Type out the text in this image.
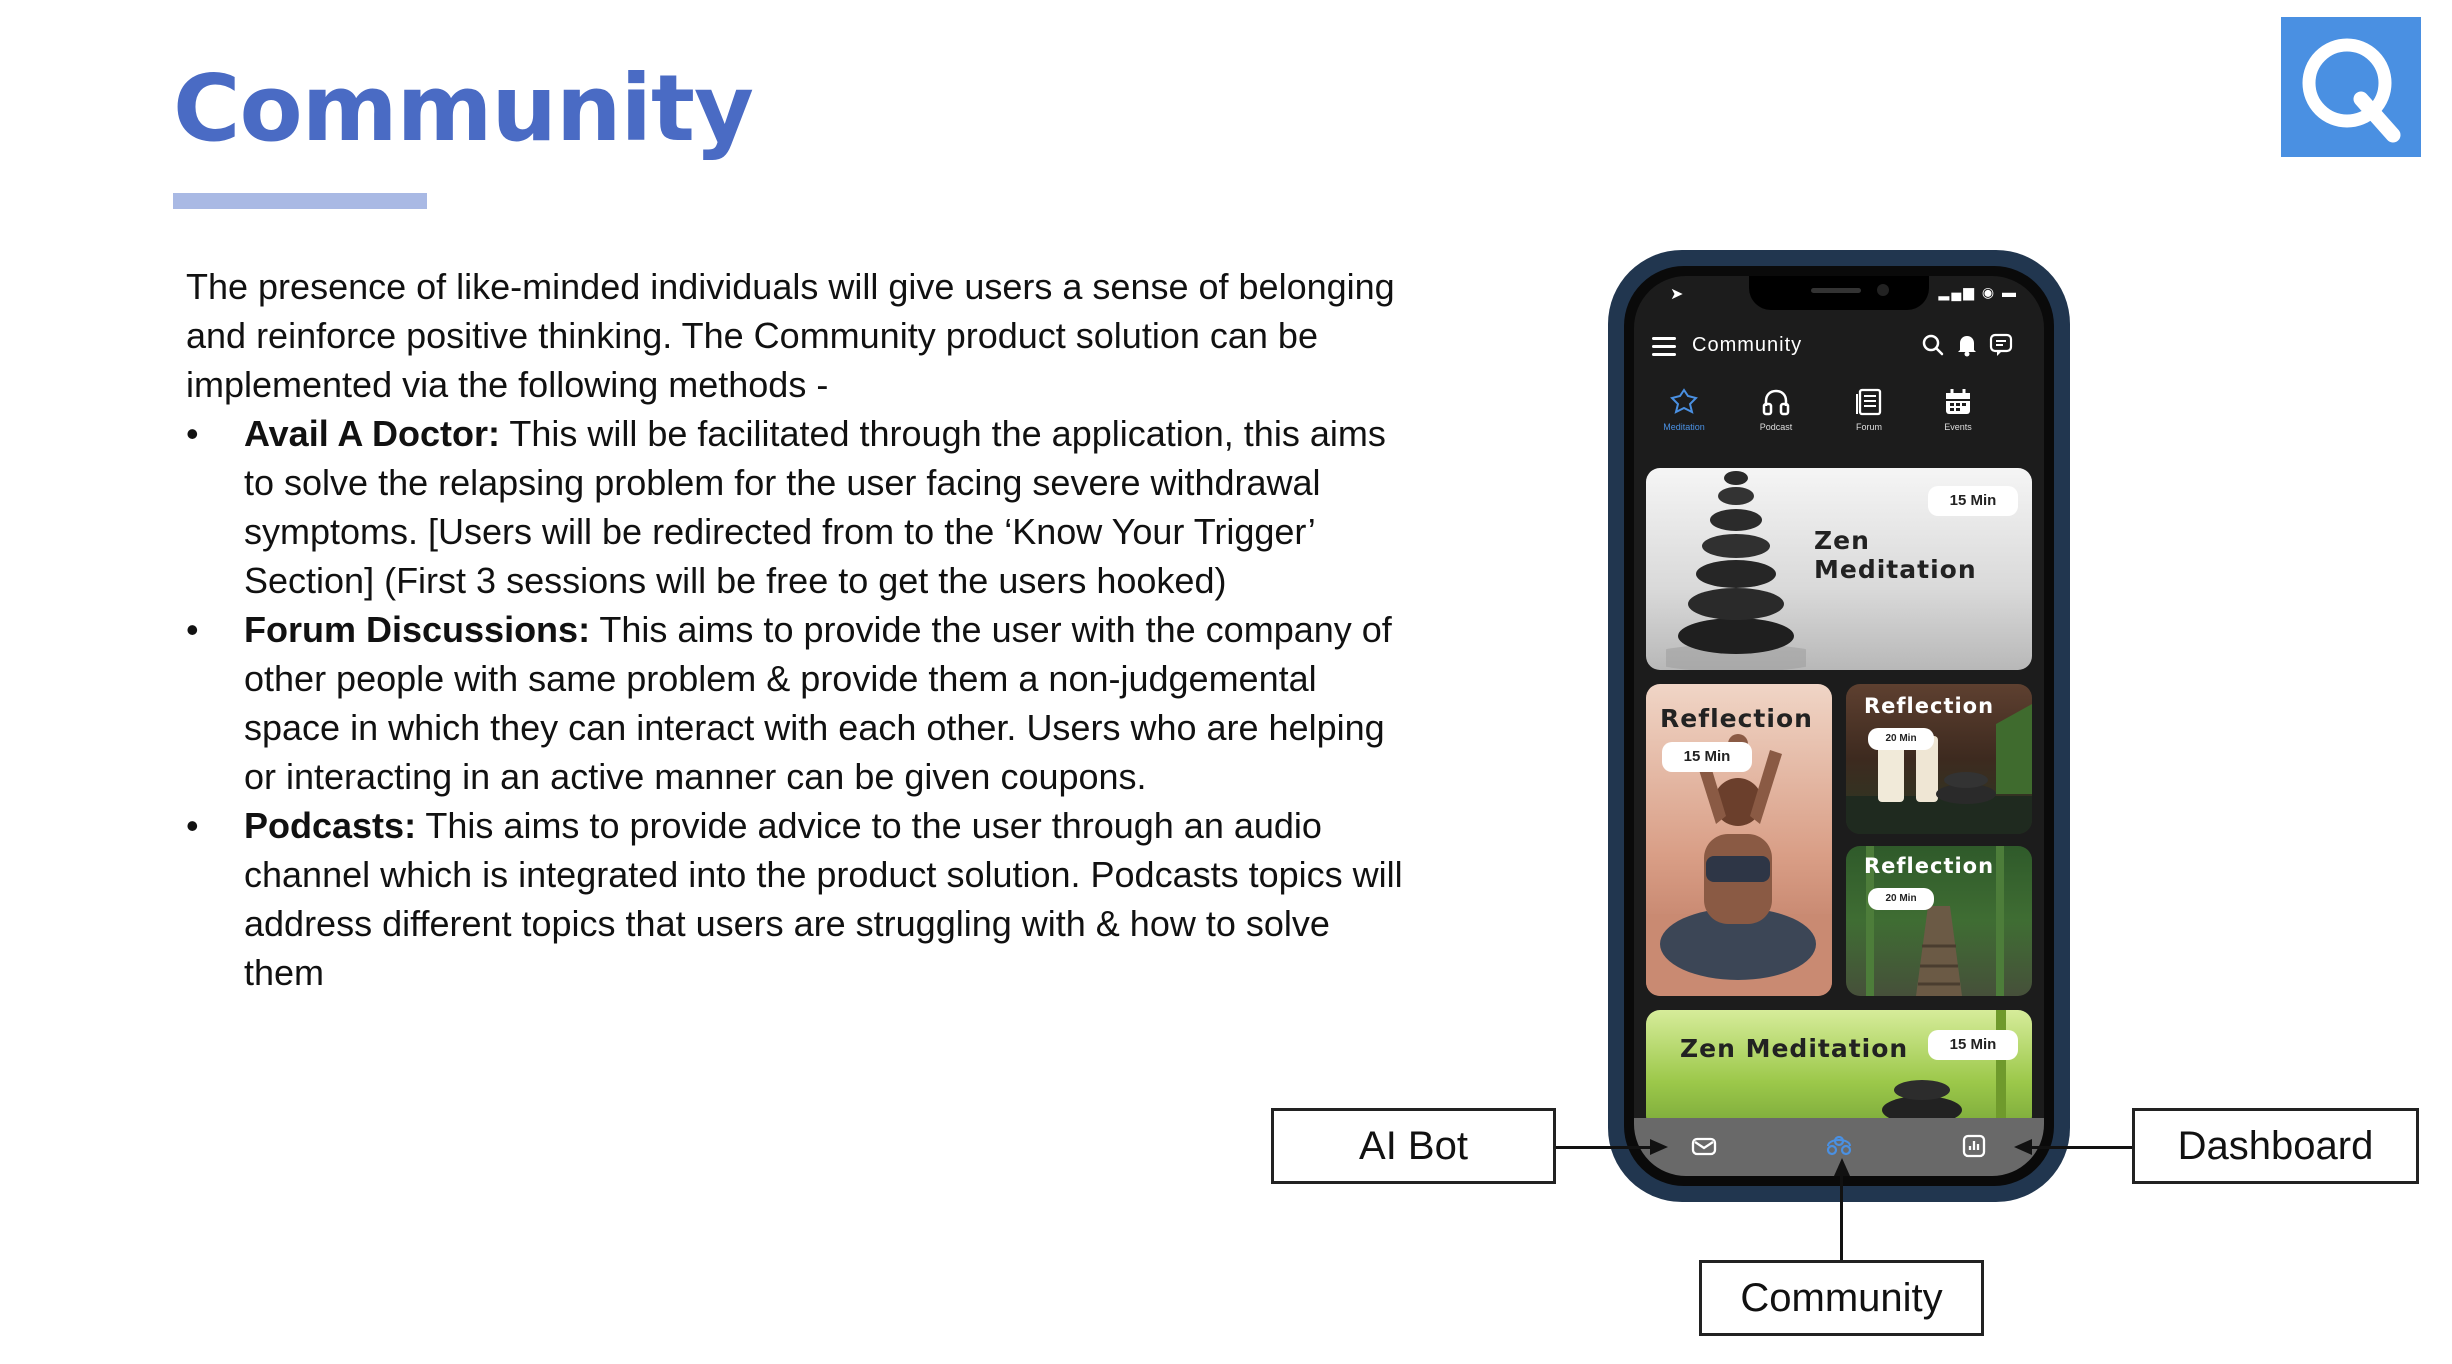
Community

The presence of like-minded individuals will give users a sense of belonging and reinforce positive thinking. The Community product solution can be implemented via the following methods -

• Avail A Doctor: This will be facilitated through the application, this aims to solve the relapsing problem for the user facing severe withdrawal symptoms. [Users will be redirected from to the ‘Know Your Trigger’ Section] (First 3 sessions will be free to get the users hooked)
• Forum Discussions: This aims to provide the user with the company of other people with same problem & provide them a non-judgemental space in which they can interact with each other. Users who are helping or interacting in an active manner can be given coupons.
• Podcasts: This aims to provide advice to the user through an audio channel which is integrated into the product solution. Podcasts topics will address different topics that users are struggling with & how to solve them
➤	▂▄▆ ◉ ▬
Community
Meditation	Podcast	Forum	Events
15 Min
Zen Meditation
Reflection
15 Min
Reflection
20 Min
Reflection
20 Min
Zen Meditation	15 Min
AI Bot	Dashboard
Community
